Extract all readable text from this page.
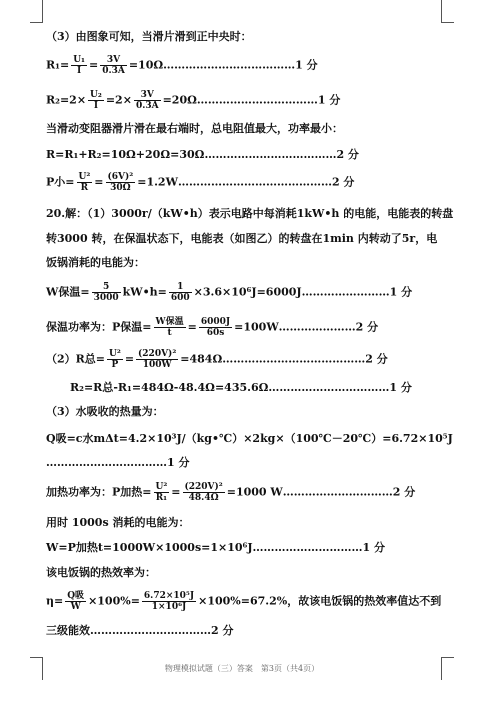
（3）由图象可知，当滑片滑到正中央时：
$R_1= \frac{\text{U₁}}{I} = \frac{3V}{0.3A}$ =10Ω………………………………1 分
$R_2=2\times \frac{\text{U₂}}{I} =2\times \frac{3V}{0.3A}$ =20Ω……………………………1 分
当滑动变阻器滑片滑在最右端时，总电阻值最大，功率最小：
R=R₁+R₂=10Ω+20Ω=30Ω………………………………2 分
P小= $\frac{\text{U²}}{R} = \frac{\text{(6V)²}}{30\Omega}$ =1.2W……………………………………2 分
20.解：（1）3000r/（kW•h）表示电路中每消耗1kW•h 的电能，电能表的转盘
转3000 转，在保温状态下，电能表（如图乙）的转盘在1min 内转动了5r，电
饭锅消耗的电能为：
W保温= $\frac{5}{3000}$ kW•h= $\frac{1}{600}$ ×3.6×10⁶J=6000J……………………1 分
保温功率为：P保温= $\frac{\text{W保温}}{t} = \frac{6000J}{60s}$ =100W…………………2 分
（2）R总= $\frac{\text{U²}}{P} = \frac{\text{(220V)²}}{100W}$ =484Ω…………………………………2 分
R₂=R总-R₁=484Ω-48.4Ω=435.6Ω……………………………1 分
（3）水吸收的热量为：
Q吸=c水mΔt=4.2×10³J/（kg•℃）×2kg×（100℃－20℃）=6.72×10⁵J
……………………………1 分
加热功率为：P加热= $\frac{\text{U²}}{\text{R₁}} = \frac{\text{(220V)²}}{48.4\Omega} =1000$ W…………………………2 分
用时 1000s 消耗的电能为：
W=P加热t=1000W×1000s=1×10⁶J…………………………1 分
该电饭锅的热效率为：
$\eta= \frac{\text{Q吸}}{W} \times 100\%= \frac{\text{6.72×10⁵J}}{\text{1×10⁶J}} \times 100\%=67.2\%$，故该电饭锅的热效率值达不到
三级能效……………………………2 分
物理模拟试题（三）答案　第3页（共4页）
